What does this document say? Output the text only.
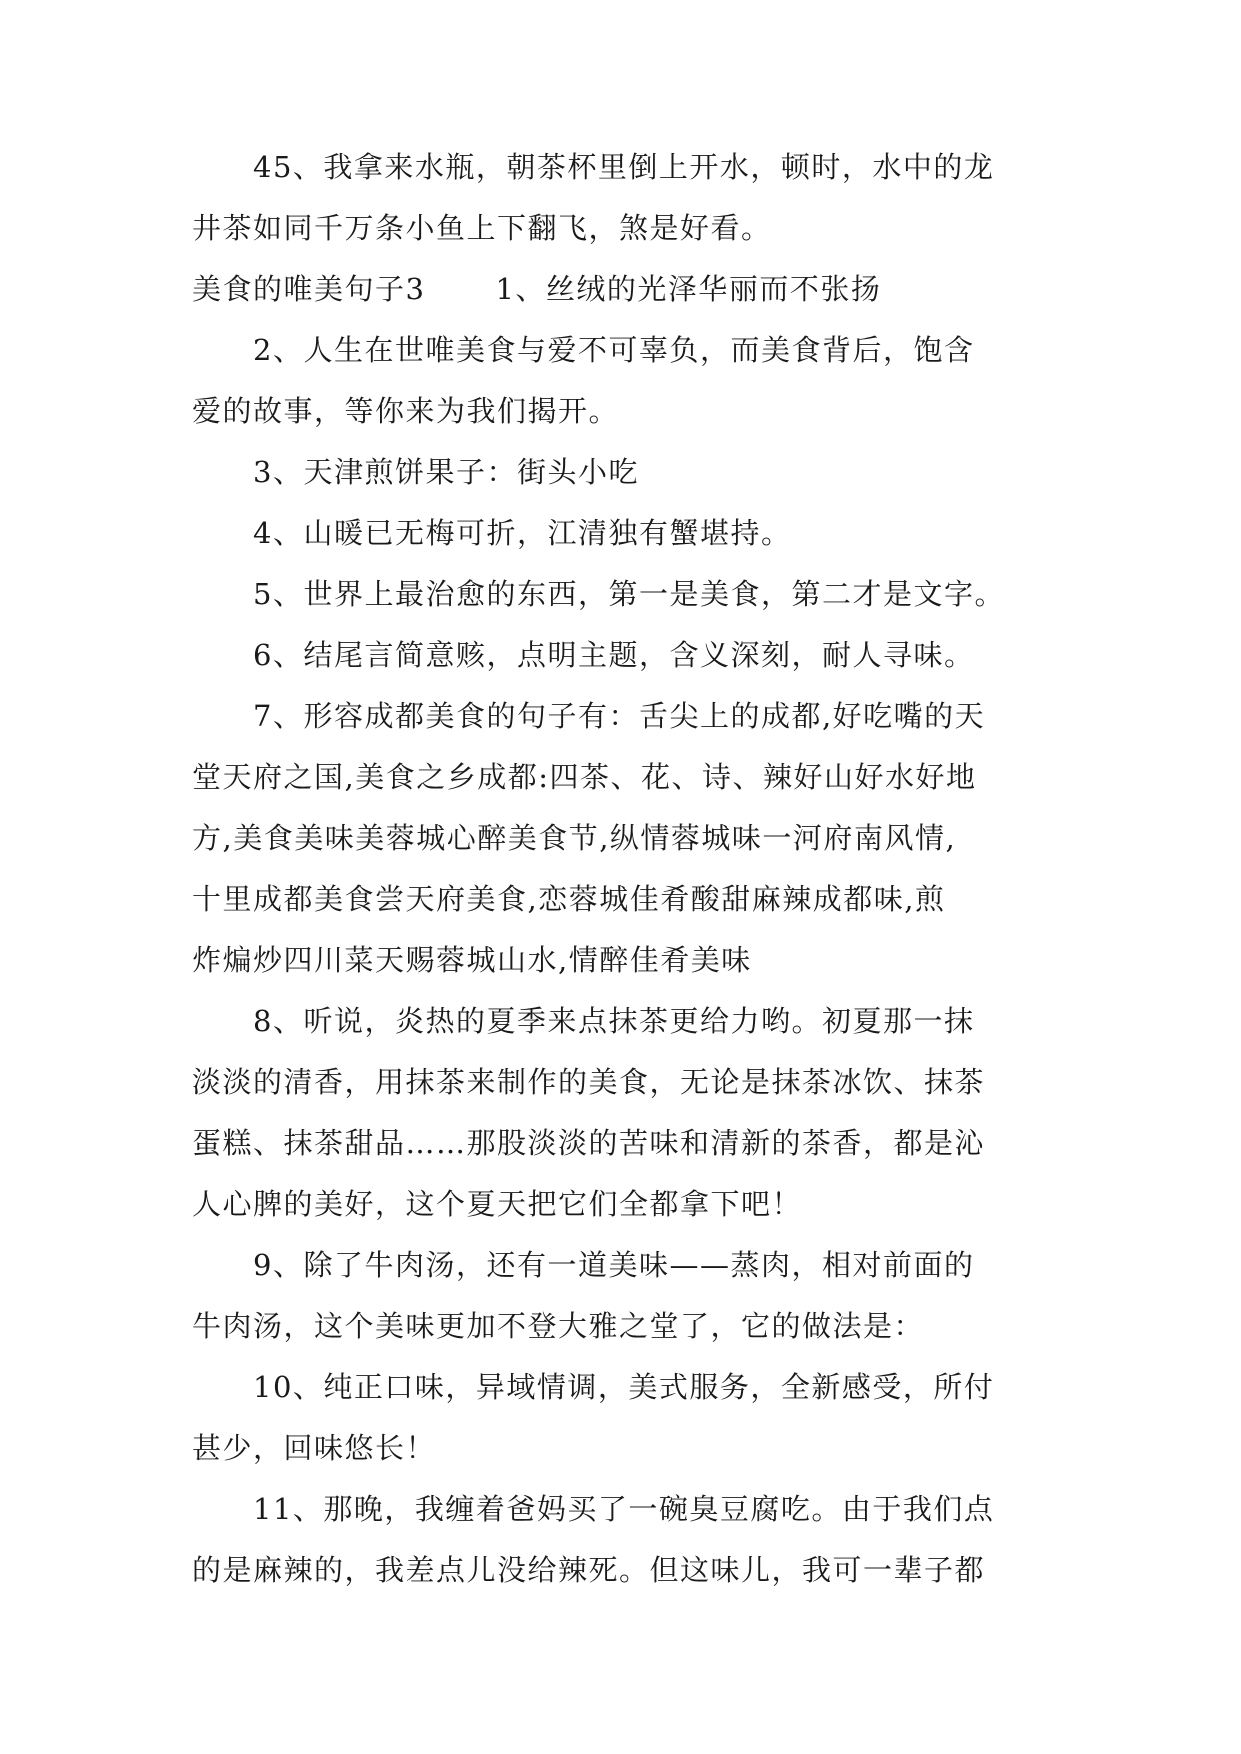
45、我拿来水瓶，朝茶杯里倒上开水，顿时，水中的龙
井茶如同千万条小鱼上下翻飞，煞是好看。
美食的唯美句子3 1、丝绒的光泽华丽而不张扬
2、人生在世唯美食与爱不可辜负，而美食背后，饱含
爱的故事，等你来为我们揭开。
3、天津煎饼果子：街头小吃
4、山暖已无梅可折，江清独有蟹堪持。
5、世界上最治愈的东西，第一是美食，第二才是文字。
6、结尾言简意赅，点明主题，含义深刻，耐人寻味。
7、形容成都美食的句子有：舌尖上的成都,好吃嘴的天
堂天府之国,美食之乡成都:四茶、花、诗、辣好山好水好地
方,美食美味美蓉城心醉美食节,纵情蓉城味一河府南风情,
十里成都美食尝天府美食,恋蓉城佳肴酸甜麻辣成都味,煎
炸煸炒四川菜天赐蓉城山水,情醉佳肴美味
8、听说，炎热的夏季来点抹茶更给力哟。初夏那一抹
淡淡的清香，用抹茶来制作的美食，无论是抹茶冰饮、抹茶
蛋糕、抹茶甜品……那股淡淡的苦味和清新的茶香，都是沁
人心脾的美好，这个夏天把它们全都拿下吧！
9、除了牛肉汤，还有一道美味——蒸肉，相对前面的
牛肉汤，这个美味更加不登大雅之堂了，它的做法是：
10、纯正口味，异域情调，美式服务，全新感受，所付
甚少，回味悠长！
11、那晚，我缠着爸妈买了一碗臭豆腐吃。由于我们点
的是麻辣的，我差点儿没给辣死。但这味儿，我可一辈子都
